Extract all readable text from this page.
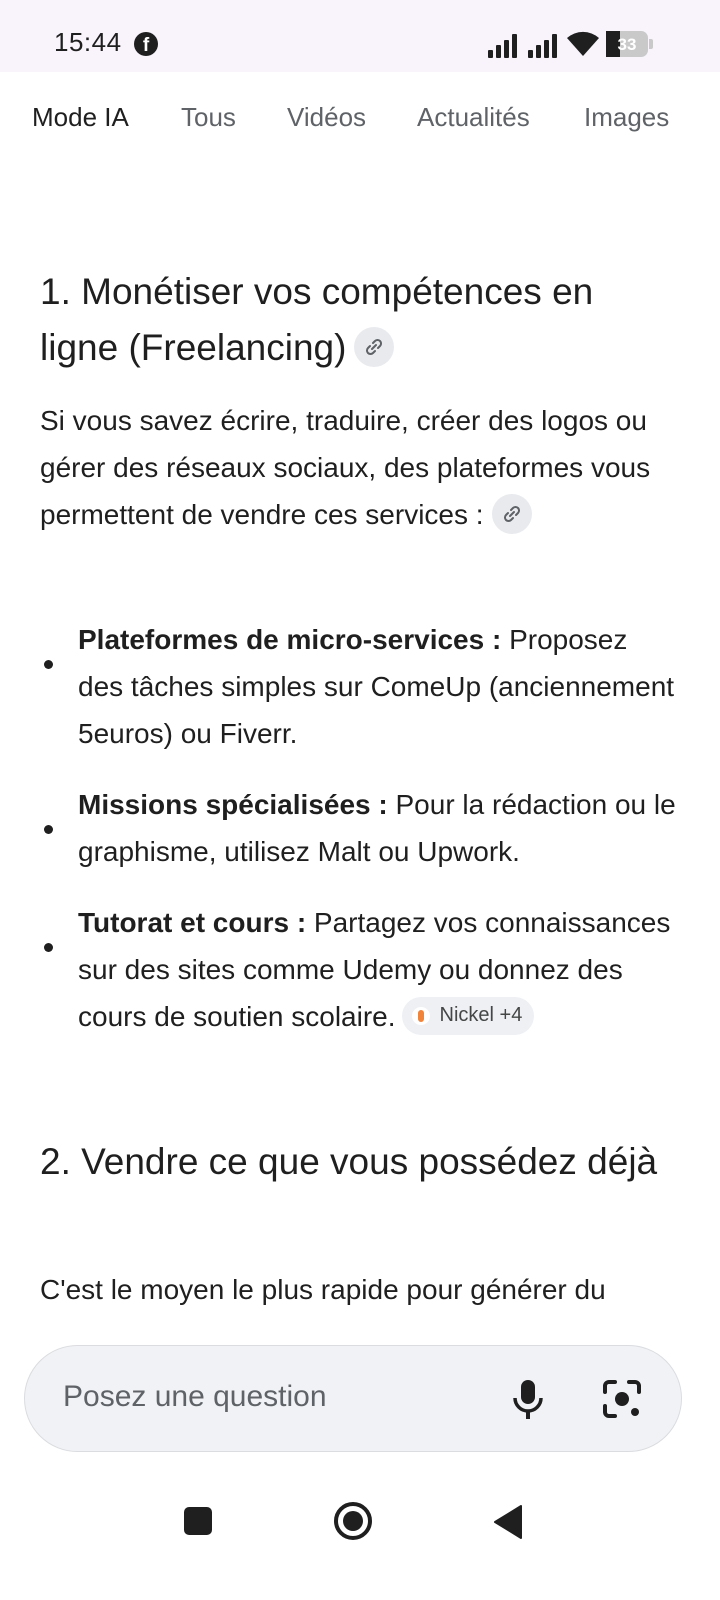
15:44	f	33
Mode IA Tous Vidéos Actualités Images
1. Monétiser vos compétences en ligne (Freelancing)
Si vous savez écrire, traduire, créer des logos ou gérer des réseaux sociaux, des plateformes vous permettent de vendre ces services :
Plateformes de micro-services : Proposez des tâches simples sur ComeUp (anciennement 5euros) ou Fiverr.
Missions spécialisées : Pour la rédaction ou le graphisme, utilisez Malt ou Upwork.
Tutorat et cours : Partagez vos connaissances sur des sites comme Udemy ou donnez des cours de soutien scolaire. Nickel +4
2. Vendre ce que vous possédez déjà
C'est le moyen le plus rapide pour générer du
Posez une question
